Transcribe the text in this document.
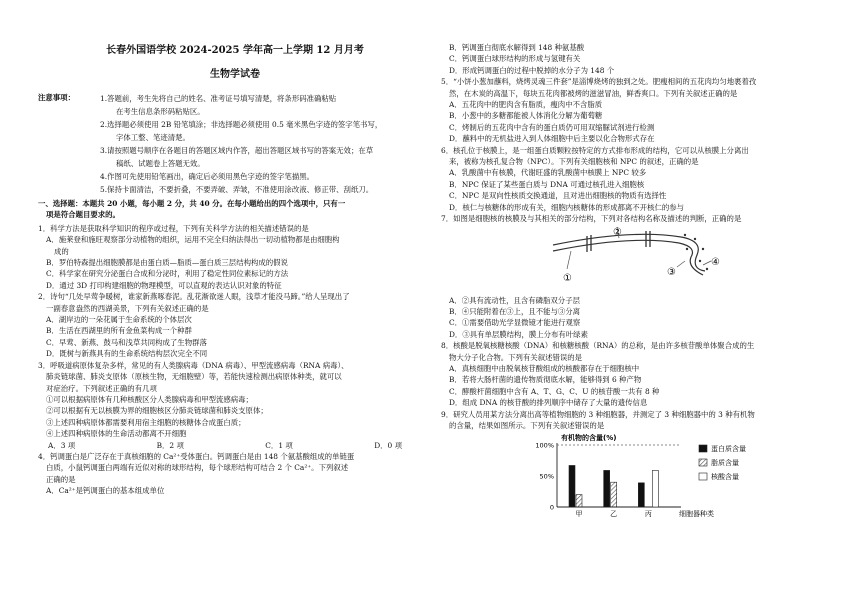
长春外国语学校 2024-2025 学年高一上学期 12 月月考
生物学试卷
注意事项：	1.答题前，考生先将自己的姓名、准考证号填写清楚，将条形码准确粘贴
在考生信息条形码粘贴区。
2.选择题必须使用 2B 铅笔填涂；非选择题必须使用 0.5 毫米黑色字迹的签字笔书写，
字体工整、笔迹清楚。
3.请按照题号顺序在各题目的答题区域内作答，超出答题区域书写的答案无效；在草
稿纸、试题卷上答题无效。
4.作图可先使用铅笔画出，确定后必须用黑色字迹的签字笔描黑。
5.保持卡面清洁，不要折叠，不要弄破、弄皱，不准使用涂改液、修正带、刮纸刀。
一、选择题：本题共 20 小题，每小题 2 分，共 40 分。在每小题给出的四个选项中，只有一
项是符合题目要求的。
1．科学方法是获取科学知识的程序或过程，下列有关科学方法的相关描述错误的是
A．施莱登和施旺观察部分动植物的组织，运用不完全归纳法得出一切动植物都是由细胞构
成的
B．罗伯特森提出细胞膜都是由蛋白质—脂质—蛋白质三层结构构成的假说
C．科学家在研究分泌蛋白合成和分泌时，利用了稳定性同位素标记的方法
D．通过 3D 打印构建细胞的物理模型，可以直观的表达认识对象的特征
2．诗句“几处早莺争暖树，谁家新燕啄春泥。乱花渐欲迷人眼，浅草才能没马蹄。”给人呈现出了
一副春意盎然的西湖美景，下列有关叙述正确的是
A．湖岸边的一朵花属于生命系统的个体层次
B．生活在西湖里的所有金鱼菜构成一个种群
C．早莺、新燕、鼓马和浅草共同构成了生物群落
D．既树与新燕具有的生命系统结构层次完全不同
3．呼吸道病原体复杂多样，常见的有人类腺病毒（DNA 病毒）、甲型流感病毒（RNA 病毒）、
肺炎链球菌、肺炎支原体（原核生物，无细胞壁）等，若能快速检测出病原体种类，就可以
对症治疗。下列叙述正确的有几项
①可以根据病原体有几种核酸区分人类腺病毒和甲型流感病毒；
②可以根据有无以核膜为界的细胞核区分肺炎链球菌和肺炎支原体；
③上述四种病原体都需要利用宿主细胞的核糖体合成蛋白质；
④上述四种病原体的生命活动都离不开细胞
A．3 项	B．2 项	C．1 项	D．0 项
4．钙调蛋白是广泛存在于真核细胞的 Ca²⁺受体蛋白。钙调蛋白是由 148 个氨基酸组成的单链蛋
白质，小鼠钙调蛋白两端有近似对称的球形结构，每个球形结构可结合 2 个 Ca²⁺。下列叙述
正确的是
A．Ca²⁺是钙调蛋白的基本组成单位
B．钙调蛋白彻底水解得到 148 种氨基酸
C．钙调蛋白球形结构的形成与氢键有关
D．形成钙调蛋白的过程中脱掉的水分子为 148 个
5．“小饼小葱加蘸料，烧烤灵魂三件套”是淄博烧烤的独到之处。肥瘦相间的五花肉均匀地裹着孜
然，在木炭的高温下，每块五花肉都被烤的滋滋冒油，鲜香爽口。下列有关叙述正确的是
A．五花肉中的肥肉含有脂质，瘦肉中不含脂质
B．小葱中的多糖都能被人体消化分解为葡萄糖
C．烤制后的五花肉中含有的蛋白质仍可用双缩脲试剂进行检测
D．蘸料中的无机盐进入到人体细胞中后主要以化合物形式存在
6．核孔位于核膜上，是一组蛋白质颗粒按特定的方式排布形成的结构，它可以从核膜上分离出
来，被称为核孔复合物（NPC）。下列有关细胞核和 NPC 的叙述，正确的是
A．乳酸菌中有核膜，代谢旺盛的乳酸菌中核膜上 NPC 较多
B．NPC 保证了某些蛋白质与 DNA 可通过核孔进入细胞核
C．NPC 是双向性核质交换通道，且对进出细胞核的物质有选择性
D．核仁与核糖体的形成有关，细胞内核糖体的形成都离不开核仁的参与
7．如图是细胞核的核膜及与其相关的部分结构，下列对各结构名称及描述的判断，正确的是
①
②
③
④
A．②具有流动性，且含有磷脂双分子层
B．④只能附着在③上，且不能与③分离
C．①需要借助光学显微镜才能进行观察
D．③具有单层膜结构，膜上分布有叶绿素
8．核酸是脱氧核糖核酸（DNA）和核糖核酸（RNA）的总称，是由许多核苷酸单体聚合成的生
物大分子化合物。下列有关叙述错误的是
A．真核细胞中由脱氧核苷酸组成的核酸都存在于细胞核中
B．若将大肠杆菌的遗传物质彻底水解，能够得到 6 种产物
C．酵酸杆菌细胞中含有 A、T、G、C、U 的核苷酸一共有 8 种
D．组成 DNA 的核苷酸的排列顺序中储存了大量的遗传信息
9．研究人员用某方法分离出高等植物细胞的 3 种细胞器，并测定了 3 种细胞器中的 3 种有机物
的含量，结果如图所示。下列有关叙述错误的是
有机物的含量(%)
100%
50%
0
甲	乙	丙	细胞器种类
蛋白质含量
脂质含量
核酸含量
